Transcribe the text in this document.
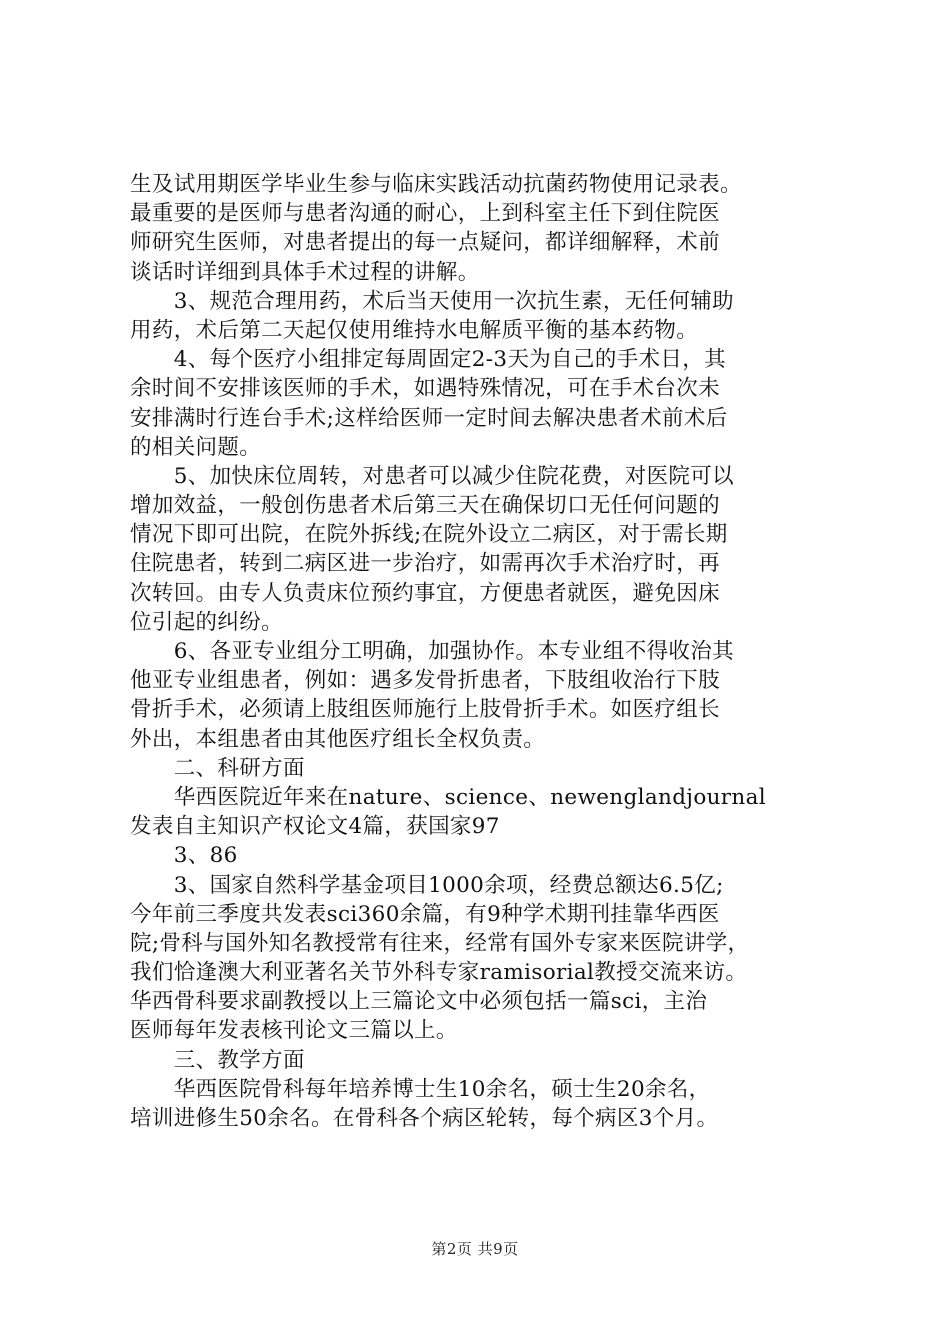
生及试用期医学毕业生参与临床实践活动抗菌药物使用记录表。
最重要的是医师与患者沟通的耐心，上到科室主任下到住院医
师研究生医师，对患者提出的每一点疑问，都详细解释，术前
谈话时详细到具体手术过程的讲解。
　　3、规范合理用药，术后当天使用一次抗生素，无任何辅助
用药，术后第二天起仅使用维持水电解质平衡的基本药物。
　　4、每个医疗小组排定每周固定2-3天为自己的手术日，其
余时间不安排该医师的手术，如遇特殊情况，可在手术台次未
安排满时行连台手术;这样给医师一定时间去解决患者术前术后
的相关问题。
　　5、加快床位周转，对患者可以减少住院花费，对医院可以
增加效益，一般创伤患者术后第三天在确保切口无任何问题的
情况下即可出院，在院外拆线;在院外设立二病区，对于需长期
住院患者，转到二病区进一步治疗，如需再次手术治疗时，再
次转回。由专人负责床位预约事宜，方便患者就医，避免因床
位引起的纠纷。
　　6、各亚专业组分工明确，加强协作。本专业组不得收治其
他亚专业组患者，例如：遇多发骨折患者，下肢组收治行下肢
骨折手术，必须请上肢组医师施行上肢骨折手术。如医疗组长
外出，本组患者由其他医疗组长全权负责。
　　二、科研方面
　　华西医院近年来在nature、science、newenglandjournal
发表自主知识产权论文4篇，获国家97
　　3、86
　　3、国家自然科学基金项目1000余项，经费总额达6.5亿;
今年前三季度共发表sci360余篇，有9种学术期刊挂靠华西医
院;骨科与国外知名教授常有往来，经常有国外专家来医院讲学，
我们恰逢澳大利亚著名关节外科专家ramisorial教授交流来访。
华西骨科要求副教授以上三篇论文中必须包括一篇sci，主治
医师每年发表核刊论文三篇以上。
　　三、教学方面
　　华西医院骨科每年培养博士生10余名，硕士生20余名，
培训进修生50余名。在骨科各个病区轮转，每个病区3个月。
第2页 共9页
